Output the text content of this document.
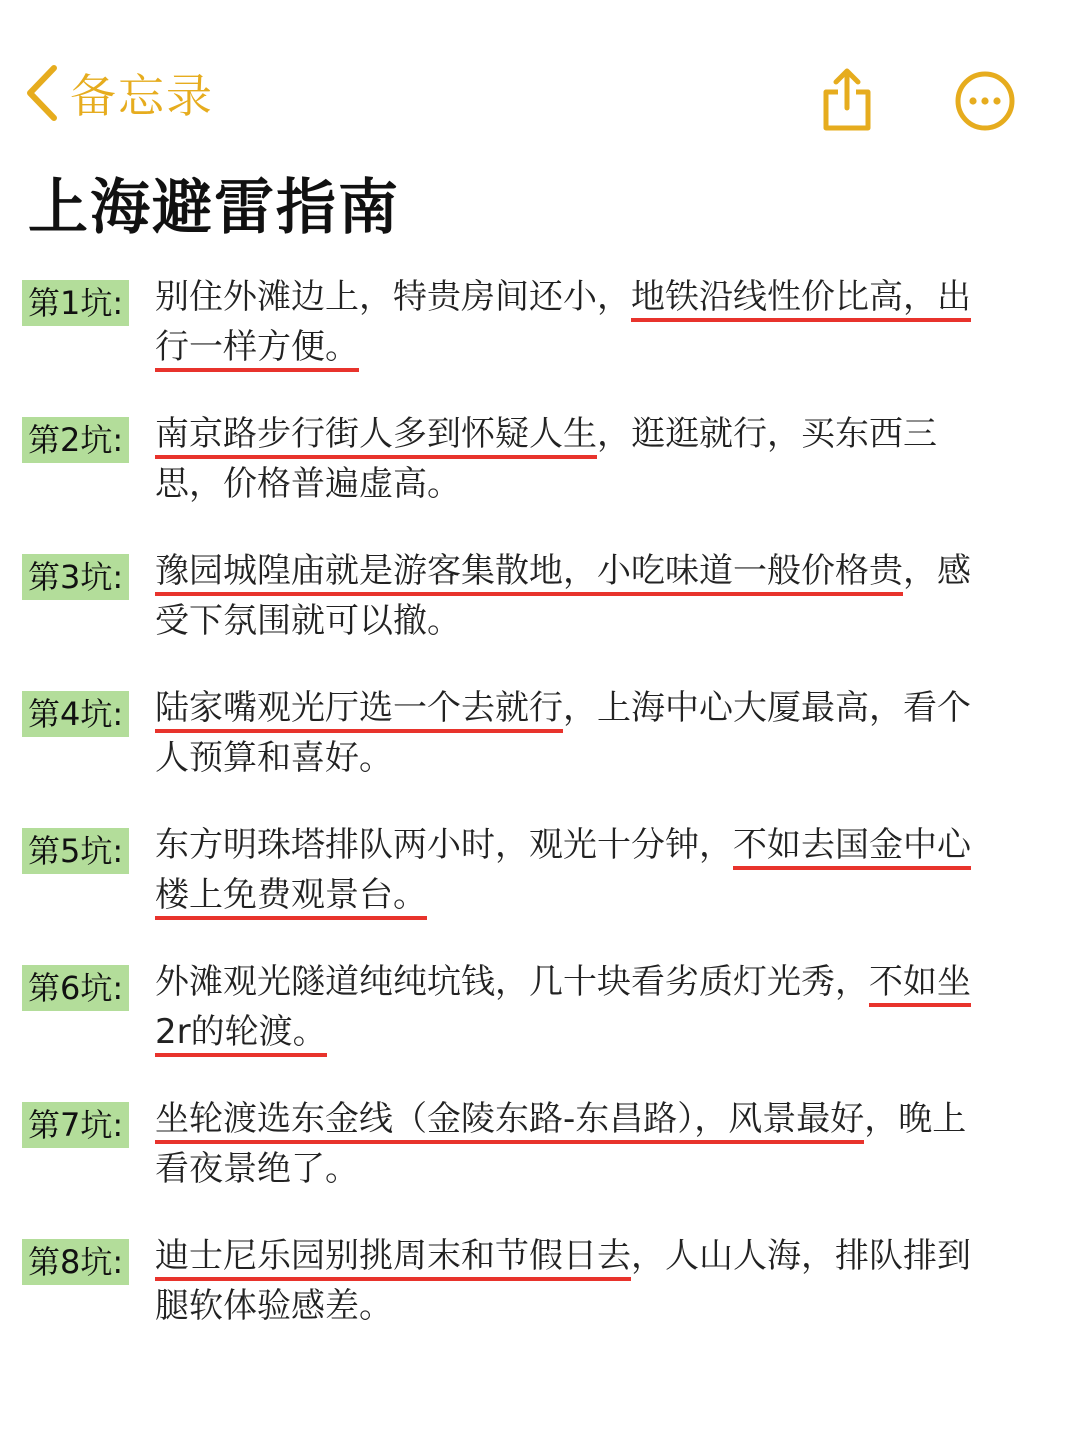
备忘录
上海避雷指南
第1坑: 别住外滩边上，特贵房间还小，地铁沿线性价比高，出
行一样方便。
第2坑: 南京路步行街人多到怀疑人生，逛逛就行，买东西三
思，价格普遍虚高。
第3坑: 豫园城隍庙就是游客集散地，小吃味道一般价格贵，感
受下氛围就可以撤。
第4坑: 陆家嘴观光厅选一个去就行，上海中心大厦最高，看个
人预算和喜好。
第5坑: 东方明珠塔排队两小时，观光十分钟，不如去国金中心
楼上免费观景台。
第6坑: 外滩观光隧道纯纯坑钱，几十块看劣质灯光秀，不如坐
2r的轮渡。
第7坑: 坐轮渡选东金线（金陵东路-东昌路），风景最好，晚上
看夜景绝了。
第8坑: 迪士尼乐园别挑周末和节假日去，人山人海，排队排到
腿软体验感差。
